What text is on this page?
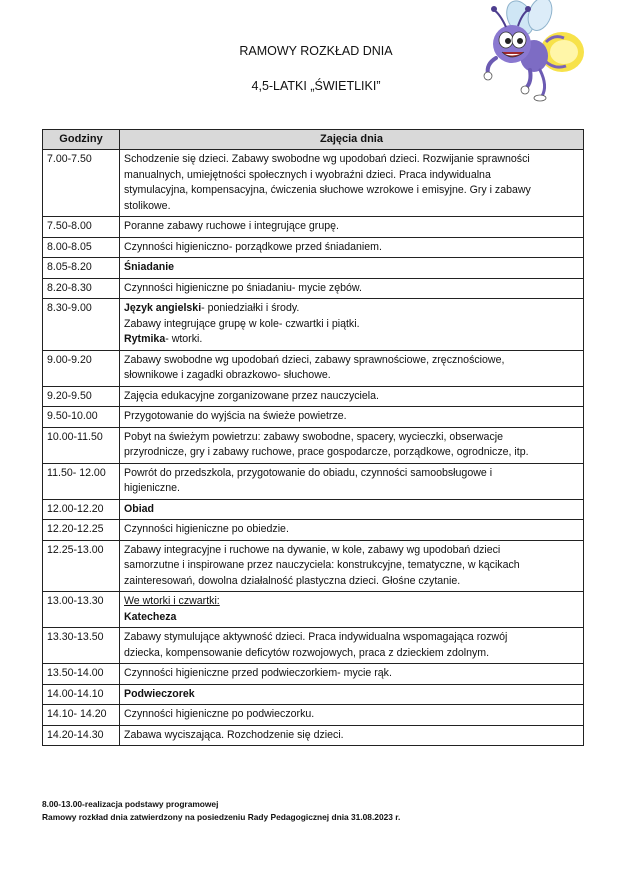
RAMOWY ROZKŁAD DNIA
4,5-LATKI „ŚWIETLIKI”
Godziny	Zajęcia dnia
7.00-7.50	Schodzenie się dzieci. Zabawy swobodne wg upodobań dzieci. Rozwijanie sprawności
manualnych, umiejętności społecznych i wyobraźni dzieci. Praca indywidualna
stymulacyjna, kompensacyjna, ćwiczenia słuchowe wzrokowe i emisyjne. Gry i zabawy
stolikowe.
7.50-8.00	Poranne zabawy ruchowe i integrujące grupę.
8.00-8.05	Czynności higieniczno- porządkowe przed śniadaniem.
8.05-8.20	Śniadanie
8.20-8.30	Czynności higieniczne po śniadaniu- mycie zębów.
8.30-9.00	Język angielski- poniedziałki i środy.
Zabawy integrujące grupę w kole- czwartki i piątki.
Rytmika- wtorki.
9.00-9.20	Zabawy swobodne wg upodobań dzieci, zabawy sprawnościowe, zręcznościowe,
słownikowe i zagadki obrazkowo- słuchowe.
9.20-9.50	Zajęcia edukacyjne zorganizowane przez nauczyciela.
9.50-10.00	Przygotowanie do wyjścia na świeże powietrze.
10.00-11.50	Pobyt na świeżym powietrzu: zabawy swobodne, spacery, wycieczki, obserwacje
przyrodnicze, gry i zabawy ruchowe, prace gospodarcze, porządkowe, ogrodnicze, itp.
11.50- 12.00	Powrót do przedszkola, przygotowanie do obiadu, czynności samoobsługowe i
higieniczne.
12.00-12.20	Obiad
12.20-12.25	Czynności higieniczne po obiedzie.
12.25-13.00	Zabawy integracyjne i ruchowe na dywanie, w kole, zabawy wg upodobań dzieci
samorzutne i inspirowane przez nauczyciela: konstrukcyjne, tematyczne, w kącikach
zainteresowań, dowolna działalność plastyczna dzieci. Głośne czytanie.
13.00-13.30	We wtorki i czwartki:
Katecheza
13.30-13.50	Zabawy stymulujące aktywność dzieci. Praca indywidualna wspomagająca rozwój
dziecka, kompensowanie deficytów rozwojowych, praca z dzieckiem zdolnym.
13.50-14.00	Czynności higieniczne przed podwieczorkiem- mycie rąk.
14.00-14.10	Podwieczorek
14.10- 14.20	Czynności higieniczne po podwieczorku.
14.20-14.30	Zabawa wyciszająca. Rozchodzenie się dzieci.
8.00-13.00-realizacja podstawy programowej
Ramowy rozkład dnia zatwierdzony na posiedzeniu Rady Pedagogicznej dnia 31.08.2023 r.
